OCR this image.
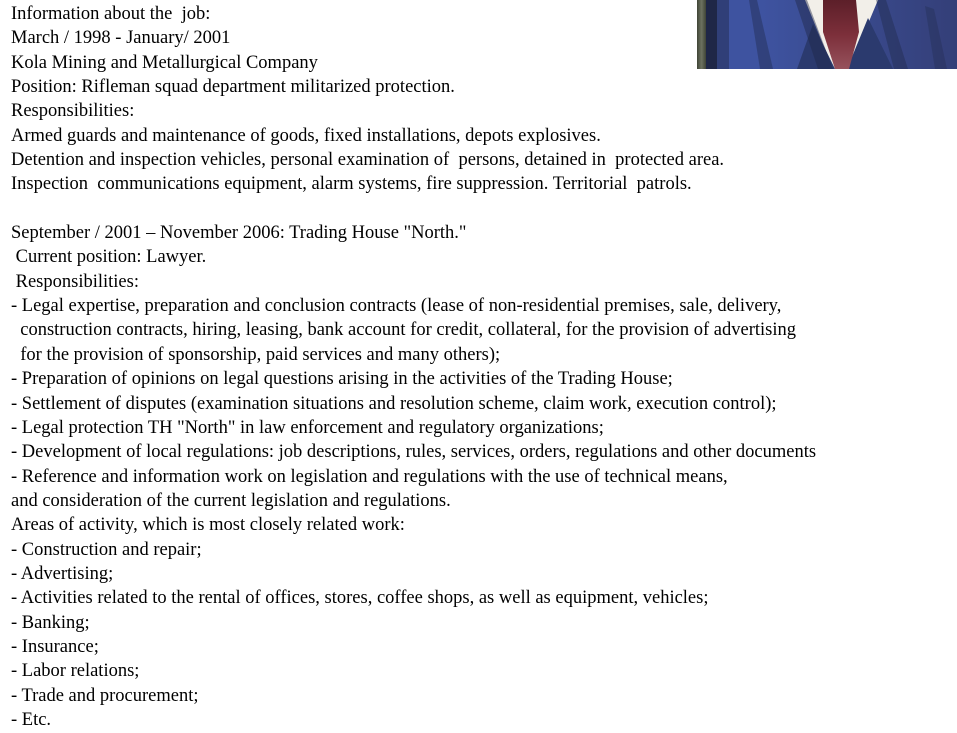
Information about the  job:
March / 1998 - January/ 2001
Kola Mining and Metallurgical Company
Position: Rifleman squad department militarized protection.
Responsibilities:
Armed guards and maintenance of goods, fixed installations, depots explosives.
Detention and inspection vehicles, personal examination of  persons, detained in  protected area.
Inspection  communications equipment, alarm systems, fire suppression. Territorial  patrols.
September / 2001 – November 2006: Trading House "North."
Current position: Lawyer.
Responsibilities:
- Legal expertise, preparation and conclusion contracts (lease of non-residential premises, sale, delivery,
construction contracts, hiring, leasing, bank account for credit, collateral, for the provision of advertising
for the provision of sponsorship, paid services and many others);
- Preparation of opinions on legal questions arising in the activities of the Trading House;
- Settlement of disputes (examination situations and resolution scheme, claim work, execution control);
- Legal protection TH "North" in law enforcement and regulatory organizations;
- Development of local regulations: job descriptions, rules, services, orders, regulations and other documents
- Reference and information work on legislation and regulations with the use of technical means,
and consideration of the current legislation and regulations.
Areas of activity, which is most closely related work:
- Construction and repair;
- Advertising;
- Activities related to the rental of offices, stores, coffee shops, as well as equipment, vehicles;
- Banking;
- Insurance;
- Labor relations;
- Trade and procurement;
- Etc.
